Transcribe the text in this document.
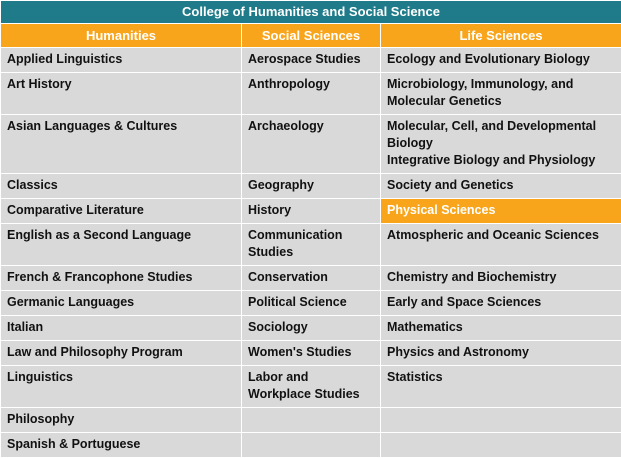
College of Humanities and Social Science		
Humanities	Social Sciences	Life Sciences
Applied Linguistics	Aerospace Studies	Ecology and Evolutionary Biology

Art History	Anthropology	Microbiology, Immunology, and Molecular Genetics

Asian Languages & Cultures	Archaeology	Molecular, Cell, and Developmental Biology
Integrative Biology and Physiology

Classics	Geography	Society and Genetics

Comparative Literature	History	Physical Sciences

English as a Second Language	Communication Studies	Atmospheric and Oceanic Sciences

French & Francophone Studies	Conservation	Chemistry and Biochemistry

Germanic Languages	Political Science	Early and Space Sciences

Italian	Sociology	Mathematics

Law and Philosophy Program	Women's Studies	Physics and Astronomy

Linguistics	Labor and Workplace Studies	Statistics

Philosophy		

Spanish & Portuguese		
